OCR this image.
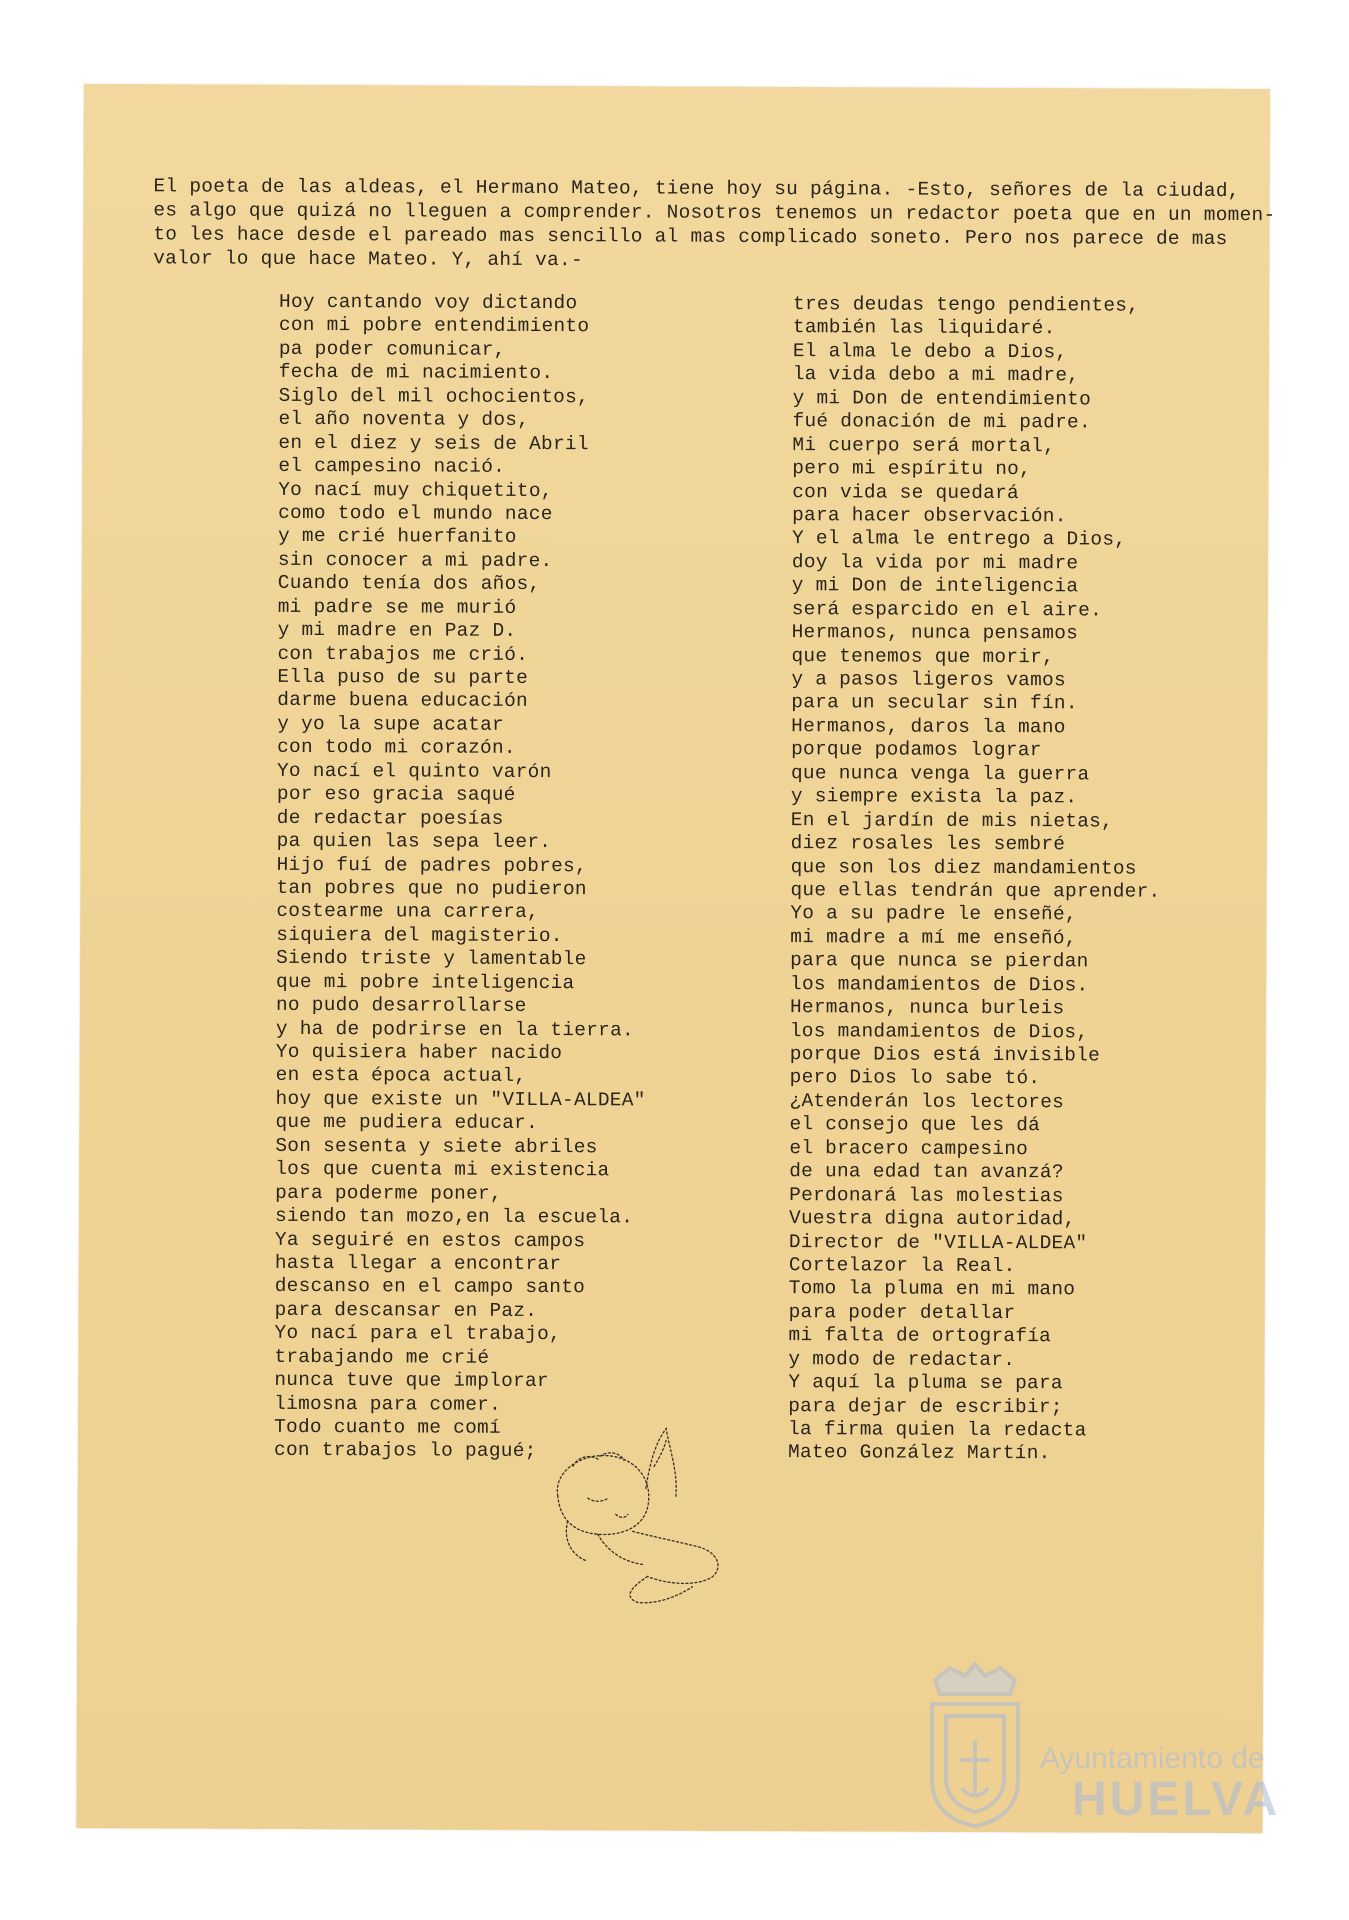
El poeta de las aldeas, el Hermano Mateo, tiene hoy su página. -Esto, señores de la ciudad,
es algo que quizá no lleguen a comprender. Nosotros tenemos un redactor poeta que en un momen-
to les hace desde el pareado mas sencillo al mas complicado soneto. Pero nos parece de mas
valor lo que hace Mateo. Y, ahí va.-
Hoy cantando voy dictando
con mi pobre entendimiento
pa poder comunicar,
fecha de mi nacimiento.
Siglo del mil ochocientos,
el año noventa y dos,
en el diez y seis de Abril
el campesino nació.
Yo nací muy chiquetito,
como todo el mundo nace
y me crié huerfanito
sin conocer a mi padre.
Cuando tenía dos años,
mi padre se me murió
y mi madre en Paz D.
con trabajos me crió.
Ella puso de su parte
darme buena educación
y yo la supe acatar
con todo mi corazón.
Yo nací el quinto varón
por eso gracia saqué
de redactar poesías
pa quien las sepa leer.
Hijo fuí de padres pobres,
tan pobres que no pudieron
costearme una carrera,
siquiera del magisterio.
Siendo triste y lamentable
que mi pobre inteligencia
no pudo desarrollarse
y ha de podrirse en la tierra.
Yo quisiera haber nacido
en esta época actual,
hoy que existe un "VILLA-ALDEA"
que me pudiera educar.
Son sesenta y siete abriles
los que cuenta mi existencia
para poderme poner,
siendo tan mozo,en la escuela.
Ya seguiré en estos campos
hasta llegar a encontrar
descanso en el campo santo
para descansar en Paz.
Yo nací para el trabajo,
trabajando me crié
nunca tuve que implorar
limosna para comer.
Todo cuanto me comí
con trabajos lo pagué;
tres deudas tengo pendientes,
también las liquidaré.
El alma le debo a Dios,
la vida debo a mi madre,
y mi Don de entendimiento
fué donación de mi padre.
Mi cuerpo será mortal,
pero mi espíritu no,
con vida se quedará
para hacer observación.
Y el alma le entrego a Dios,
doy la vida por mi madre
y mi Don de inteligencia
será esparcido en el aire.
Hermanos, nunca pensamos
que tenemos que morir,
y a pasos ligeros vamos
para un secular sin fín.
Hermanos, daros la mano
porque podamos lograr
que nunca venga la guerra
y siempre exista la paz.
En el jardín de mis nietas,
diez rosales les sembré
que son los diez mandamientos
que ellas tendrán que aprender.
Yo a su padre le enseñé,
mi madre a mí me enseñó,
para que nunca se pierdan
los mandamientos de Dios.
Hermanos, nunca burleis
los mandamientos de Dios,
porque Dios está invisible
pero Dios lo sabe tó.
¿Atenderán los lectores
el consejo que les dá
el bracero campesino
de una edad tan avanzá?
Perdonará las molestias
Vuestra digna autoridad,
Director de "VILLA-ALDEA"
Cortelazor la Real.
Tomo la pluma en mi mano
para poder detallar
mi falta de ortografía
y modo de redactar.
Y aquí la pluma se para
para dejar de escribir;
la firma quien la redacta
Mateo González Martín.
Ayuntamiento de
HUELVA
